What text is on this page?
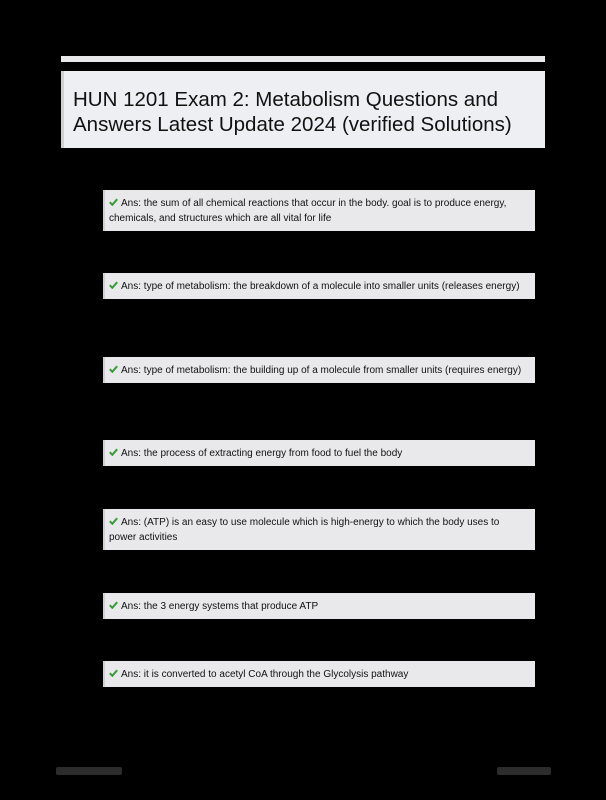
HUN 1201 Exam 2: Metabolism Questions and Answers Latest Update 2024 (verified Solutions)
Ans: the sum of all chemical reactions that occur in the body. goal is to produce energy, chemicals, and structures which are all vital for life
Ans: type of metabolism: the breakdown of a molecule into smaller units (releases energy)
Ans: type of metabolism: the building up of a molecule from smaller units (requires energy)
Ans: the process of extracting energy from food to fuel the body
Ans: (ATP) is an easy to use molecule which is high-energy to which the body uses to power activities
Ans: the 3 energy systems that produce ATP
Ans: it is converted to acetyl CoA through the Glycolysis pathway
